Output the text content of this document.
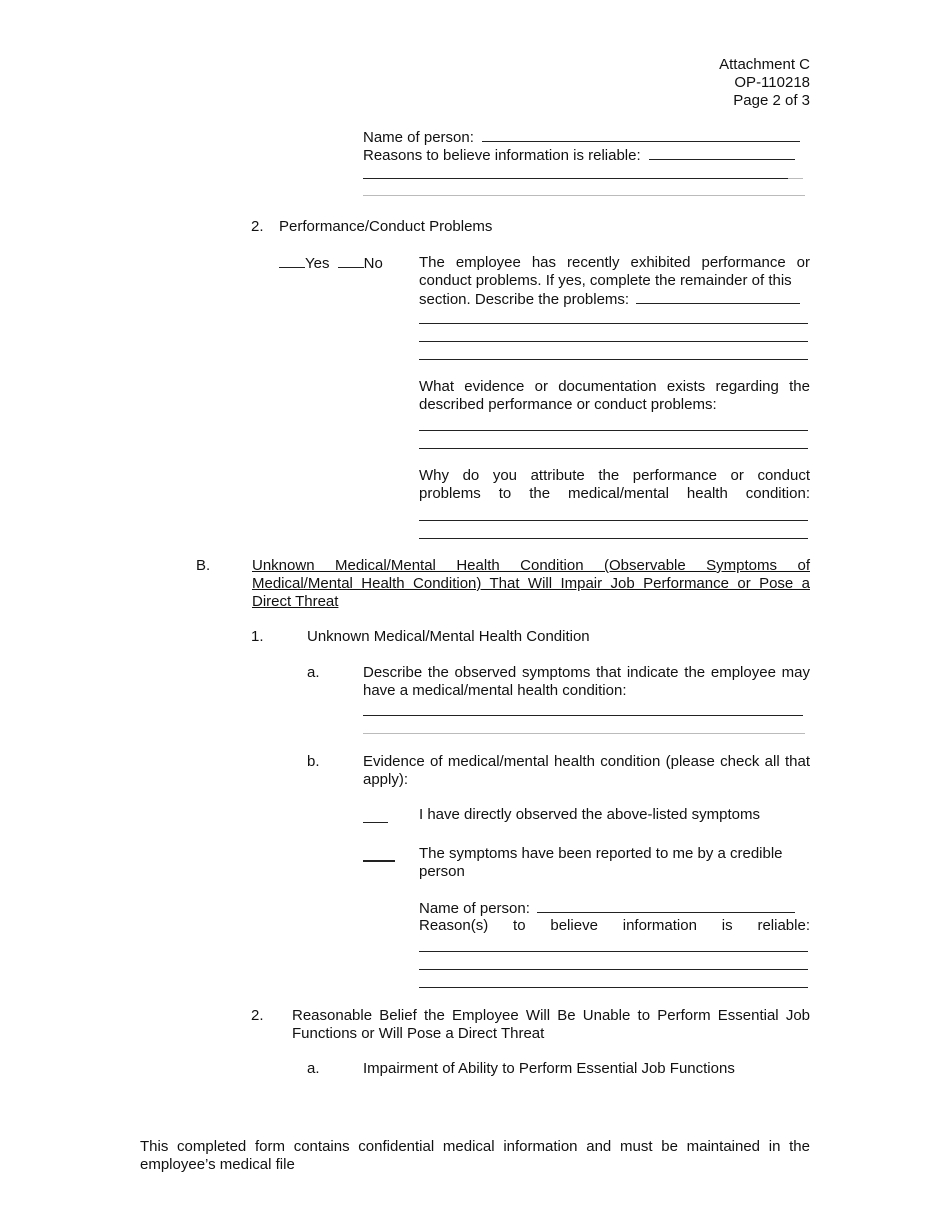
Attachment C
OP-110218
Page 2 of 3
Name of person:
Reasons to believe information is reliable:
2. Performance/Conduct Problems
Yes No The employee has recently exhibited performance or
conduct problems. If yes, complete the remainder of this
section. Describe the problems:
What evidence or documentation exists regarding the described performance or conduct problems:
Why do you attribute the performance or conduct
problems to the medical/mental health condition:
B.	Unknown Medical/Mental Health Condition (Observable Symptoms of Medical/Mental Health Condition) That Will Impair Job Performance or Pose a Direct Threat
1.	Unknown Medical/Mental Health Condition
a.	Describe the observed symptoms that indicate the employee may have a medical/mental health condition:
b.	Evidence of medical/mental health condition (please check all that apply):
I have directly observed the above-listed symptoms
The symptoms have been reported to me by a credible person
Name of person:
Reason(s) to believe information is reliable:
2. Reasonable Belief the Employee Will Be Unable to Perform Essential Job Functions or Will Pose a Direct Threat
a.	Impairment of Ability to Perform Essential Job Functions
This completed form contains confidential medical information and must be maintained in the employee’s medical file
